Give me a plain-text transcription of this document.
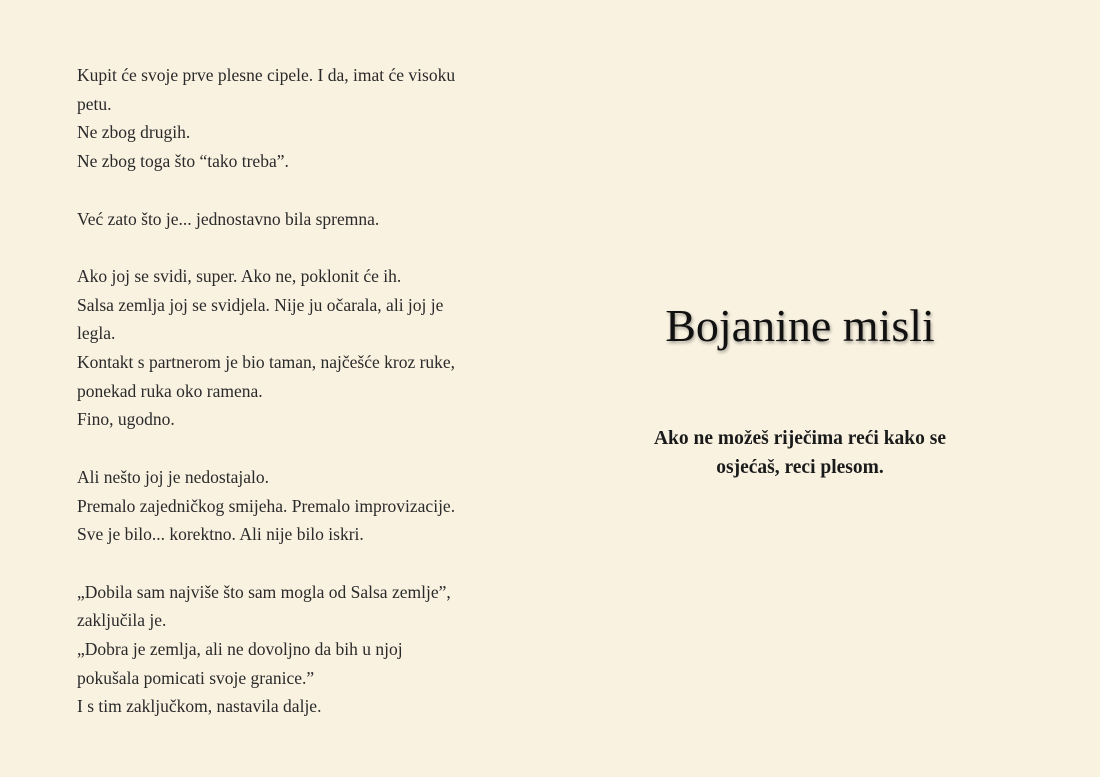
Kupit će svoje prve plesne cipele. I da, imat će visoku
petu.
Ne zbog drugih.
Ne zbog toga što “tako treba”.
Već zato što je... jednostavno bila spremna.
Ako joj se svidi, super. Ako ne, poklonit će ih.
Salsa zemlja joj se svidjela. Nije ju očarala, ali joj je
legla.
Kontakt s partnerom je bio taman, najčešće kroz ruke,
ponekad ruka oko ramena.
Fino, ugodno.
Ali nešto joj je nedostajalo.
Premalo zajedničkog smijeha. Premalo improvizacije.
Sve je bilo... korektno. Ali nije bilo iskri.
„Dobila sam najviše što sam mogla od Salsa zemlje”,
zaključila je.
„Dobra je zemlja, ali ne dovoljno da bih u njoj
pokušala pomicati svoje granice.”
I s tim zaključkom, nastavila dalje.
Bojanine misli

Ako ne možeš riječima reći kako se
osjećaš, reci plesom.
